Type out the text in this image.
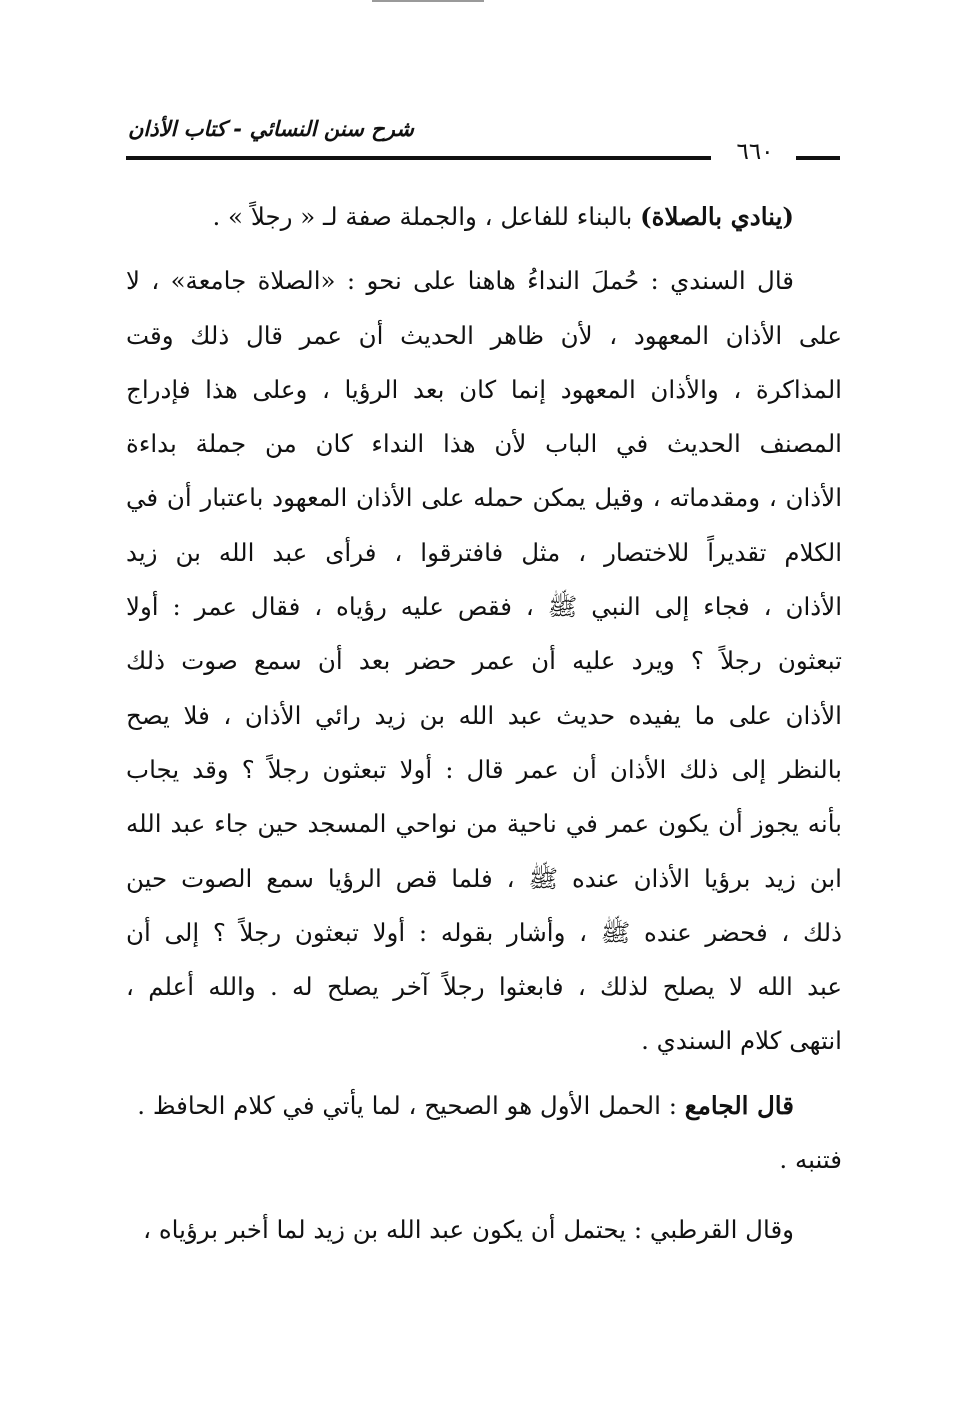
شرح سنن النسائي - كتاب الأذان
٦٦٠
(ينادي بالصلاة) بالبناء للفاعل ، والجملة صفة لـ « رجلاً » .
قال السندي : حُملَ النداءُ هاهنا على نحو : «الصلاة جامعة» ، لا
على الأذان المعهود ، لأن ظاهر الحديث أن عمر قال ذلك وقت
المذاكرة ، والأذان المعهود إنما كان بعد الرؤيا ، وعلى هذا فإدراج
المصنف الحديث في الباب لأن هذا النداء كان من جملة بداءة
الأذان ، ومقدماته ، وقيل يمكن حمله على الأذان المعهود باعتبار أن في
الكلام تقديراً للاختصار ، مثل فافترقوا ، فرأى عبد الله بن زيد
الأذان ، فجاء إلى النبي ﷺ ، فقص عليه رؤياه ، فقال عمر : أولا
تبعثون رجلاً ؟ ويرد عليه أن عمر حضر بعد أن سمع صوت ذلك
الأذان على ما يفيده حديث عبد الله بن زيد رائي الأذان ، فلا يصح
بالنظر إلى ذلك الأذان أن عمر قال : أولا تبعثون رجلاً ؟ وقد يجاب
بأنه يجوز أن يكون عمر في ناحية من نواحي المسجد حين جاء عبد الله
ابن زيد برؤيا الأذان عنده ﷺ ، فلما قص الرؤيا سمع الصوت حين
ذلك ، فحضر عنده ﷺ ، وأشار بقوله : أولا تبعثون رجلاً ؟ إلى أن
عبد الله لا يصلح لذلك ، فابعثوا رجلاً آخر يصلح له . والله أعلم ،
انتهى كلام السندي .
قال الجامع : الحمل الأول هو الصحيح ، لما يأتي في كلام الحافظ .
فتنبه .
وقال القرطبي : يحتمل أن يكون عبد الله بن زيد لما أخبر برؤياه ،
